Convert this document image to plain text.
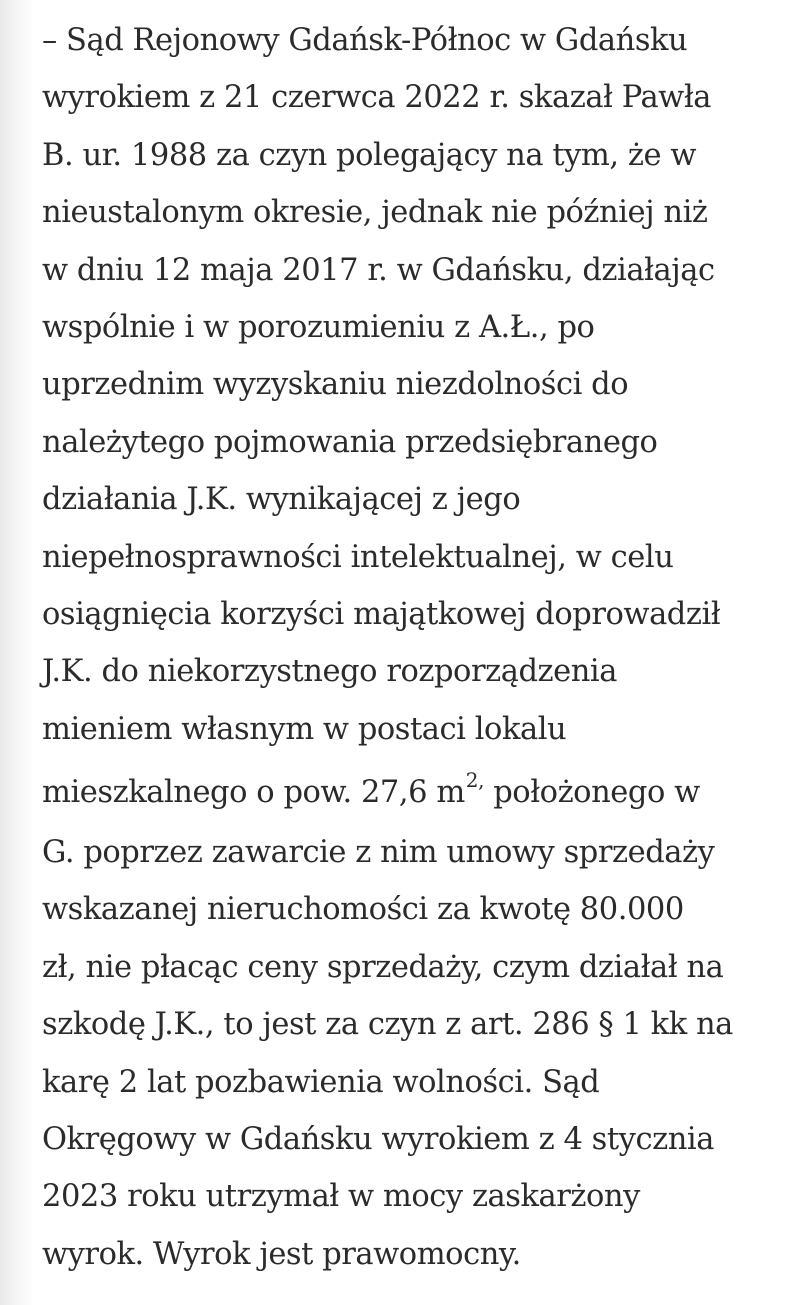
– Sąd Rejonowy Gdańsk-Północ w Gdańsku
wyrokiem z 21 czerwca 2022 r. skazał Pawła
B. ur. 1988 za czyn polegający na tym, że w
nieustalonym okresie, jednak nie później niż
w dniu 12 maja 2017 r. w Gdańsku, działając
wspólnie i w porozumieniu z A.Ł., po
uprzednim wyzyskaniu niezdolności do
należytego pojmowania przedsiębranego
działania J.K. wynikającej z jego
niepełnosprawności intelektualnej, w celu
osiągnięcia korzyści majątkowej doprowadził
J.K. do niekorzystnego rozporządzenia
mieniem własnym w postaci lokalu
mieszkalnego o pow. 27,6 $m^{2,}$ położonego w
G. poprzez zawarcie z nim umowy sprzedaży
wskazanej nieruchomości za kwotę 80.000
zł, nie płacąc ceny sprzedaży, czym działał na
szkodę J.K., to jest za czyn z art. 286 § 1 kk na
karę 2 lat pozbawienia wolności. Sąd
Okręgowy w Gdańsku wyrokiem z 4 stycznia
2023 roku utrzymał w mocy zaskarżony
wyrok. Wyrok jest prawomocny.
